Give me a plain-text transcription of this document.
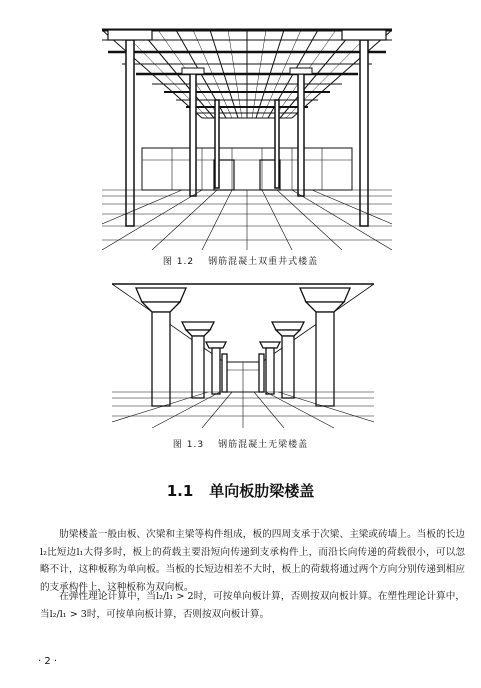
图 1.2 钢筋混凝土双重井式楼盖
图 1.3 钢筋混凝土无梁楼盖
1.1 单向板肋梁楼盖

肋梁楼盖一般由板、次梁和主梁等构件组成，板的四周支承于次梁、主梁或砖墙上。当板的长边l₂比短边l₁大得多时，板上的荷载主要沿短向传递到支承构件上，而沿长向传递的荷载很小，可以忽略不计，这种板称为单向板。当板的长短边相差不大时，板上的荷载将通过两个方向分别传递到相应的支承构件上，这种板称为双向板。

在弹性理论计算中，当l₂/l₁ > 2时，可按单向板计算，否则按双向板计算。在塑性理论计算中，当l₂/l₁ > 3时，可按单向板计算，否则按双向板计算。

· 2 ·
